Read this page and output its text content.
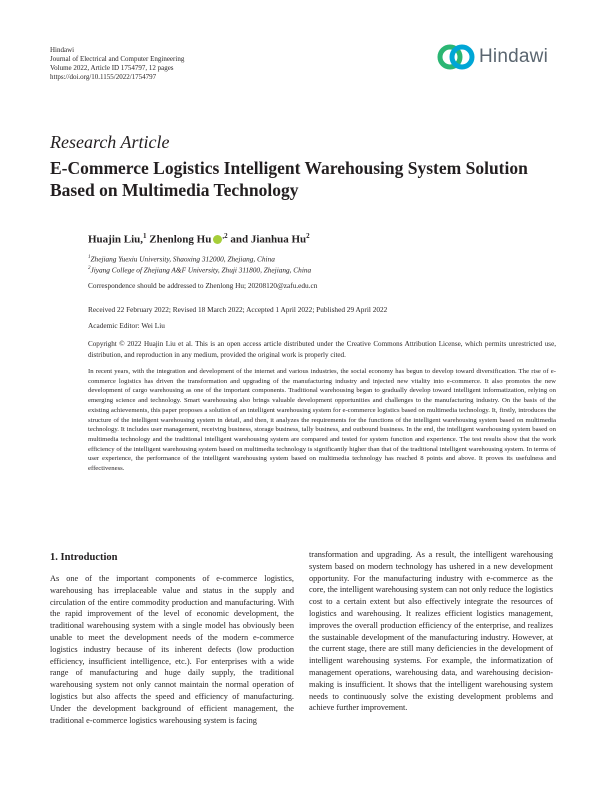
Hindawi
Journal of Electrical and Computer Engineering
Volume 2022, Article ID 1754797, 12 pages
https://doi.org/10.1155/2022/1754797
Hindawi
Research Article
E-Commerce Logistics Intelligent Warehousing System Solution Based on Multimedia Technology
Huajin Liu,$^1$ Zhenlong Hu $^{,2}$ and Jianhua Hu$^2$
$^1$Zhejiang Yuexiu University, Shaoxing 312000, Zhejiang, China
$^2$Jiyang College of Zhejiang A&F University, Zhuji 311800, Zhejiang, China
Correspondence should be addressed to Zhenlong Hu; 20208120@zafu.edu.cn
Received 22 February 2022; Revised 18 March 2022; Accepted 1 April 2022; Published 29 April 2022
Academic Editor: Wei Liu
Copyright © 2022 Huajin Liu et al. This is an open access article distributed under the Creative Commons Attribution License, which permits unrestricted use, distribution, and reproduction in any medium, provided the original work is properly cited.
In recent years, with the integration and development of the internet and various industries, the social economy has begun to develop toward diversification. The rise of e-commerce logistics has driven the transformation and upgrading of the manufacturing industry and injected new vitality into e-commerce. It also promotes the new development of cargo warehousing as one of the important components. Traditional warehousing began to gradually develop toward intelligent informatization, relying on emerging science and technology. Smart warehousing also brings valuable development opportunities and challenges to the manufacturing industry. On the basis of the existing achievements, this paper proposes a solution of an intelligent warehousing system for e-commerce logistics based on multimedia technology. It, firstly, introduces the structure of the intelligent warehousing system in detail, and then, it analyzes the requirements for the functions of the intelligent warehousing system based on multimedia technology. It includes user management, receiving business, storage business, tally business, and outbound business. In the end, the intelligent warehousing system based on multimedia technology and the traditional intelligent warehousing system are compared and tested for system function and experience. The test results show that the work efficiency of the intelligent warehousing system based on multimedia technology is significantly higher than that of the traditional intelligent warehousing system. In terms of user experience, the performance of the intelligent warehousing system based on multimedia technology has reached 8 points and above. It proves its usefulness and effectiveness.
1. Introduction
As one of the important components of e-commerce logistics, warehousing has irreplaceable value and status in the supply and circulation of the entire commodity production and manufacturing. With the rapid improvement of the level of economic development, the traditional warehousing system with a single model has obviously been unable to meet the development needs of the modern e-commerce logistics industry because of its inherent defects (low production efficiency, insufficient intelligence, etc.). For enterprises with a wide range of manufacturing and huge daily supply, the traditional warehousing system not only cannot maintain the normal operation of logistics but also affects the speed and efficiency of manufacturing. Under the development background of efficient management, the traditional e-commerce logistics warehousing system is facing
transformation and upgrading. As a result, the intelligent warehousing system based on modern technology has ushered in a new development opportunity. For the manufacturing industry with e-commerce as the core, the intelligent warehousing system can not only reduce the logistics cost to a certain extent but also effectively integrate the resources of logistics and warehousing. It realizes efficient logistics management, improves the overall production efficiency of the enterprise, and realizes the sustainable development of the manufacturing industry. However, at the current stage, there are still many deficiencies in the development of intelligent warehousing systems. For example, the informatization of management operations, warehousing data, and warehousing decision-making is insufficient. It shows that the intelligent warehousing system needs to continuously solve the existing development problems and achieve further improvement.
